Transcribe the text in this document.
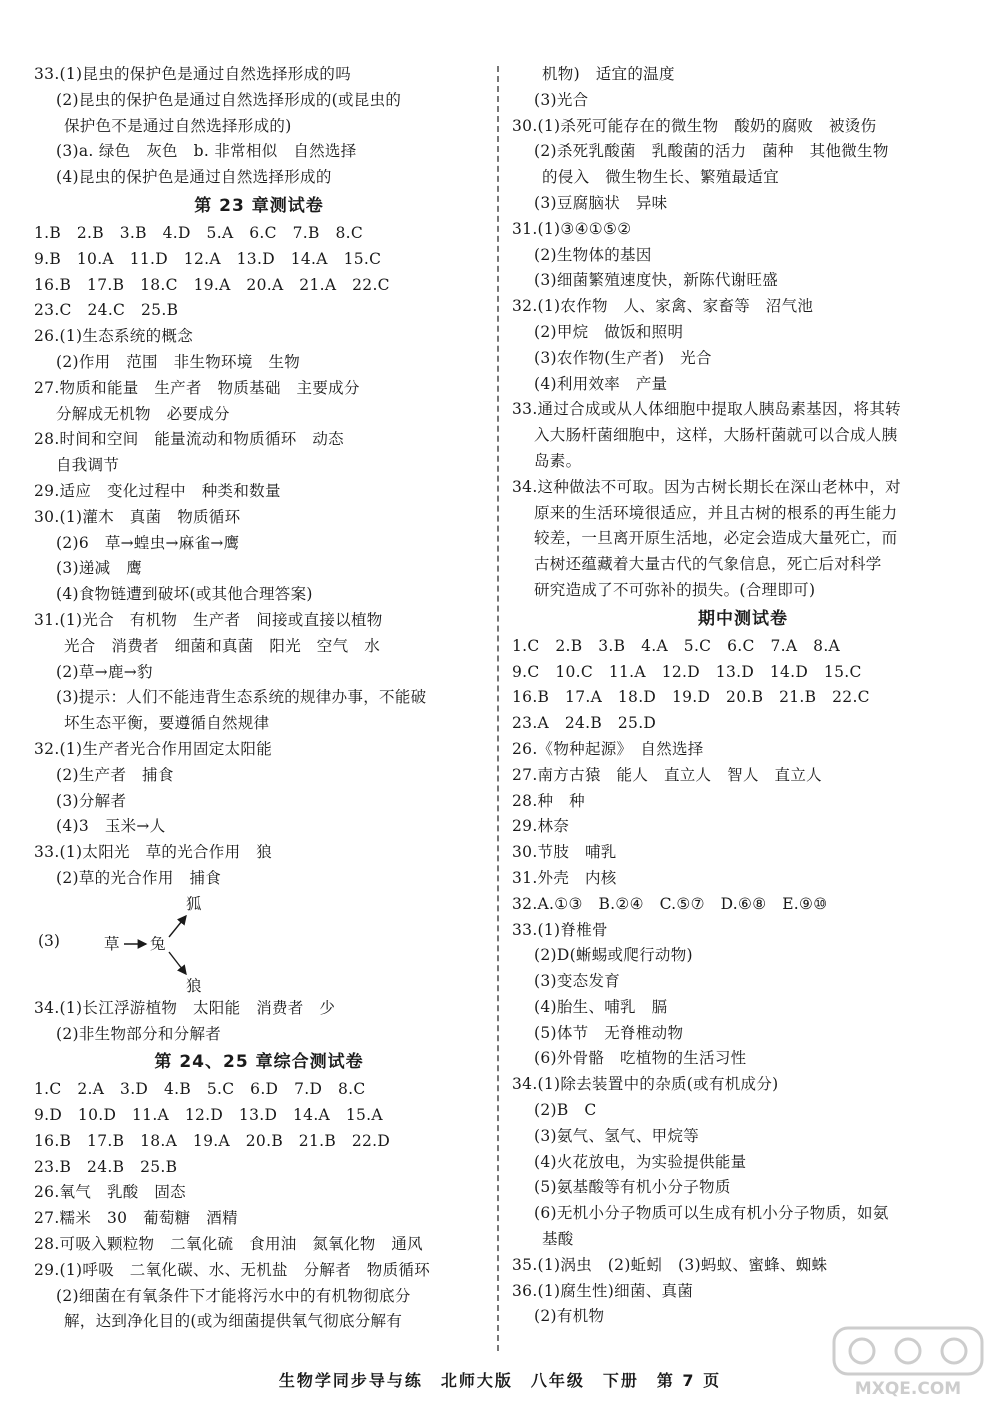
33.(1)昆虫的保护色是通过自然选择形成的吗
(2)昆虫的保护色是通过自然选择形成的(或昆虫的
保护色不是通过自然选择形成的)
(3)a. 绿色　灰色　b. 非常相似　自然选择
(4)昆虫的保护色是通过自然选择形成的
第 23 章测试卷
1.B　2.B　3.B　4.D　5.A　6.C　7.B　8.C
9.B　10.A　11.D　12.A　13.D　14.A　15.C
16.B　17.B　18.C　19.A　20.A　21.A　22.C
23.C　24.C　25.B
26.(1)生态系统的概念
(2)作用　范围　非生物环境　生物
27.物质和能量　生产者　物质基础　主要成分
分解成无机物　必要成分
28.时间和空间　能量流动和物质循环　动态
自我调节
29.适应　变化过程中　种类和数量
30.(1)灌木　真菌　物质循环
(2)6　草→蝗虫→麻雀→鹰
(3)递减　鹰
(4)食物链遭到破坏(或其他合理答案)
31.(1)光合　有机物　生产者　间接或直接以植物
光合　消费者　细菌和真菌　阳光　空气　水
(2)草→鹿→豹
(3)提示：人们不能违背生态系统的规律办事，不能破
坏生态平衡，要遵循自然规律
32.(1)生产者光合作用固定太阳能
(2)生产者　捕食
(3)分解者
(4)3　玉米→人
33.(1)太阳光　草的光合作用　狼
(2)草的光合作用　捕食
(3)	草 兔
狐
狼
34.(1)长江浮游植物　太阳能　消费者　少
(2)非生物部分和分解者
第 24、25 章综合测试卷
1.C　2.A　3.D　4.B　5.C　6.D　7.D　8.C
9.D　10.D　11.A　12.D　13.D　14.A　15.A
16.B　17.B　18.A　19.A　20.B　21.B　22.D
23.B　24.B　25.B
26.氧气　乳酸　固态
27.糯米　30　葡萄糖　酒精
28.可吸入颗粒物　二氧化硫　食用油　氮氧化物　通风
29.(1)呼吸　二氧化碳、水、无机盐　分解者　物质循环
(2)细菌在有氧条件下才能将污水中的有机物彻底分
解，达到净化目的(或为细菌提供氧气彻底分解有
机物)　适宜的温度
(3)光合
30.(1)杀死可能存在的微生物　酸奶的腐败　被烫伤
(2)杀死乳酸菌　乳酸菌的活力　菌种　其他微生物
的侵入　微生物生长、繁殖最适宜
(3)豆腐脑状　异味
31.(1)③④①⑤②
(2)生物体的基因
(3)细菌繁殖速度快，新陈代谢旺盛
32.(1)农作物　人、家禽、家畜等　沼气池
(2)甲烷　做饭和照明
(3)农作物(生产者)　光合
(4)利用效率　产量
33.通过合成或从人体细胞中提取人胰岛素基因，将其转
入大肠杆菌细胞中，这样，大肠杆菌就可以合成人胰
岛素。
34.这种做法不可取。因为古树长期长在深山老林中，对
原来的生活环境很适应，并且古树的根系的再生能力
较差，一旦离开原生活地，必定会造成大量死亡，而
古树还蕴藏着大量古代的气象信息，死亡后对科学
研究造成了不可弥补的损失。(合理即可)
期中测试卷
1.C　2.B　3.B　4.A　5.C　6.C　7.A　8.A
9.C　10.C　11.A　12.D　13.D　14.D　15.C
16.B　17.A　18.D　19.D　20.B　21.B　22.C
23.A　24.B　25.D
26.《物种起源》　自然选择
27.南方古猿　能人　直立人　智人　直立人
28.种　种
29.林奈
30.节肢　哺乳
31.外壳　内核
32.A.①③　B.②④　C.⑤⑦　D.⑥⑧　E.⑨⑩
33.(1)脊椎骨
(2)D(蜥蜴或爬行动物)
(3)变态发育
(4)胎生、哺乳　膈
(5)体节　无脊椎动物
(6)外骨骼　吃植物的生活习性
34.(1)除去装置中的杂质(或有机成分)
(2)B　C
(3)氨气、氢气、甲烷等
(4)火花放电，为实验提供能量
(5)氨基酸等有机小分子物质
(6)无机小分子物质可以生成有机小分子物质，如氨
基酸
35.(1)涡虫　(2)蚯蚓　(3)蚂蚁、蜜蜂、蜘蛛
36.(1)腐生性)细菌、真菌
(2)有机物
生物学同步导与练　北师大版　八年级　下册　第 7 页	MXQE.COM
